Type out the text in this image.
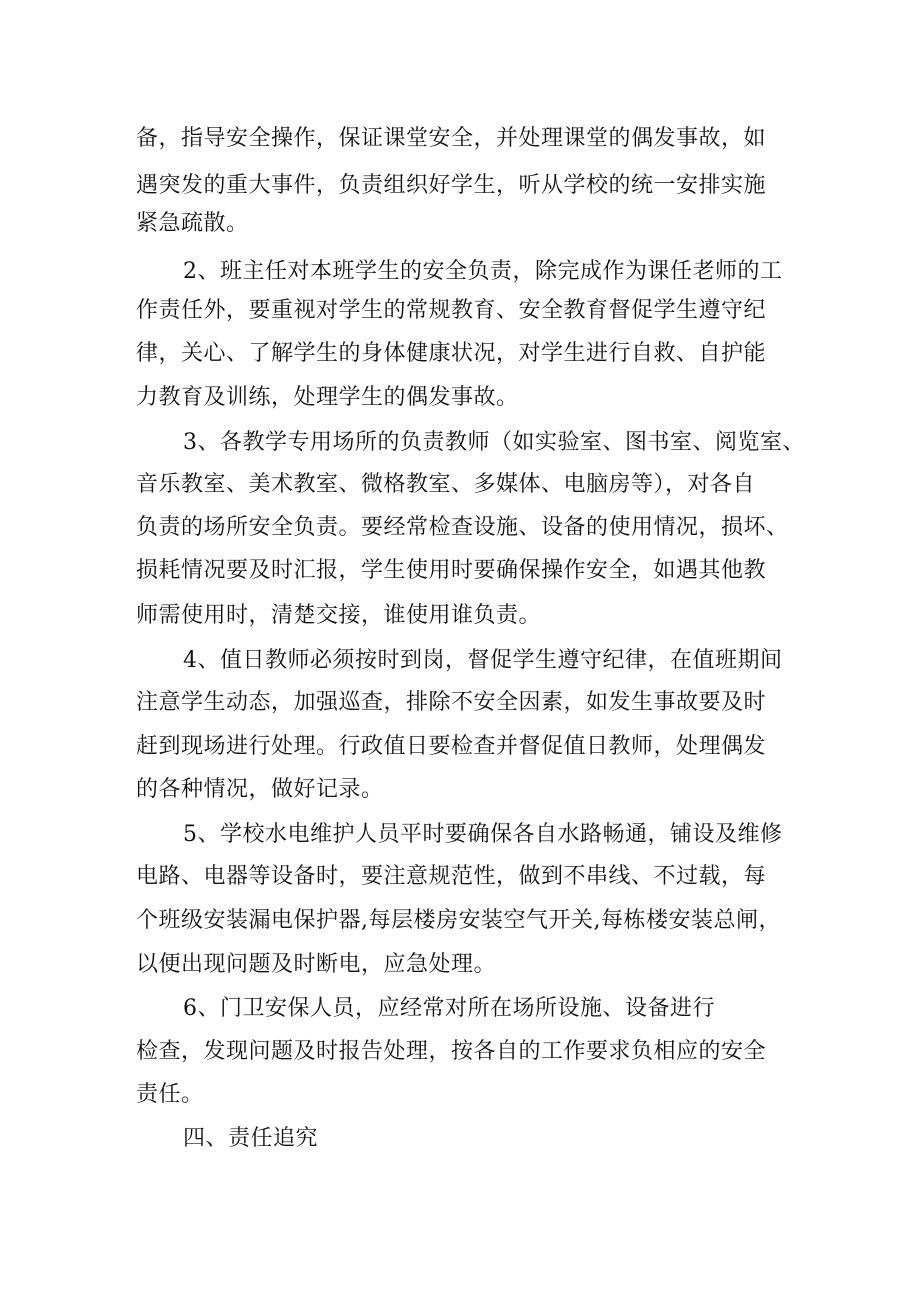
备，指导安全操作，保证课堂安全，并处理课堂的偶发事故，如
遇突发的重大事件，负责组织好学生，听从学校的统一安排实施
紧急疏散。
2、班主任对本班学生的安全负责，除完成作为课任老师的工
作责任外，要重视对学生的常规教育、安全教育督促学生遵守纪
律，关心、了解学生的身体健康状况，对学生进行自救、自护能
力教育及训练，处理学生的偶发事故。
3、各教学专用场所的负责教师（如实验室、图书室、阅览室、
音乐教室、美术教室、微格教室、多媒体、电脑房等），对各自
负责的场所安全负责。要经常检查设施、设备的使用情况，损坏、
损耗情况要及时汇报，学生使用时要确保操作安全，如遇其他教
师需使用时，清楚交接，谁使用谁负责。
4、值日教师必须按时到岗，督促学生遵守纪律，在值班期间
注意学生动态，加强巡查，排除不安全因素，如发生事故要及时
赶到现场进行处理。行政值日要检查并督促值日教师，处理偶发
的各种情况，做好记录。
5、学校水电维护人员平时要确保各自水路畅通，铺设及维修
电路、电器等设备时，要注意规范性，做到不串线、不过载，每
个班级安装漏电保护器,每层楼房安装空气开关,每栋楼安装总闸，
以便出现问题及时断电，应急处理。
6、门卫安保人员，应经常对所在场所设施、设备进行
检查，发现问题及时报告处理，按各自的工作要求负相应的安全
责任。
四、责任追究
